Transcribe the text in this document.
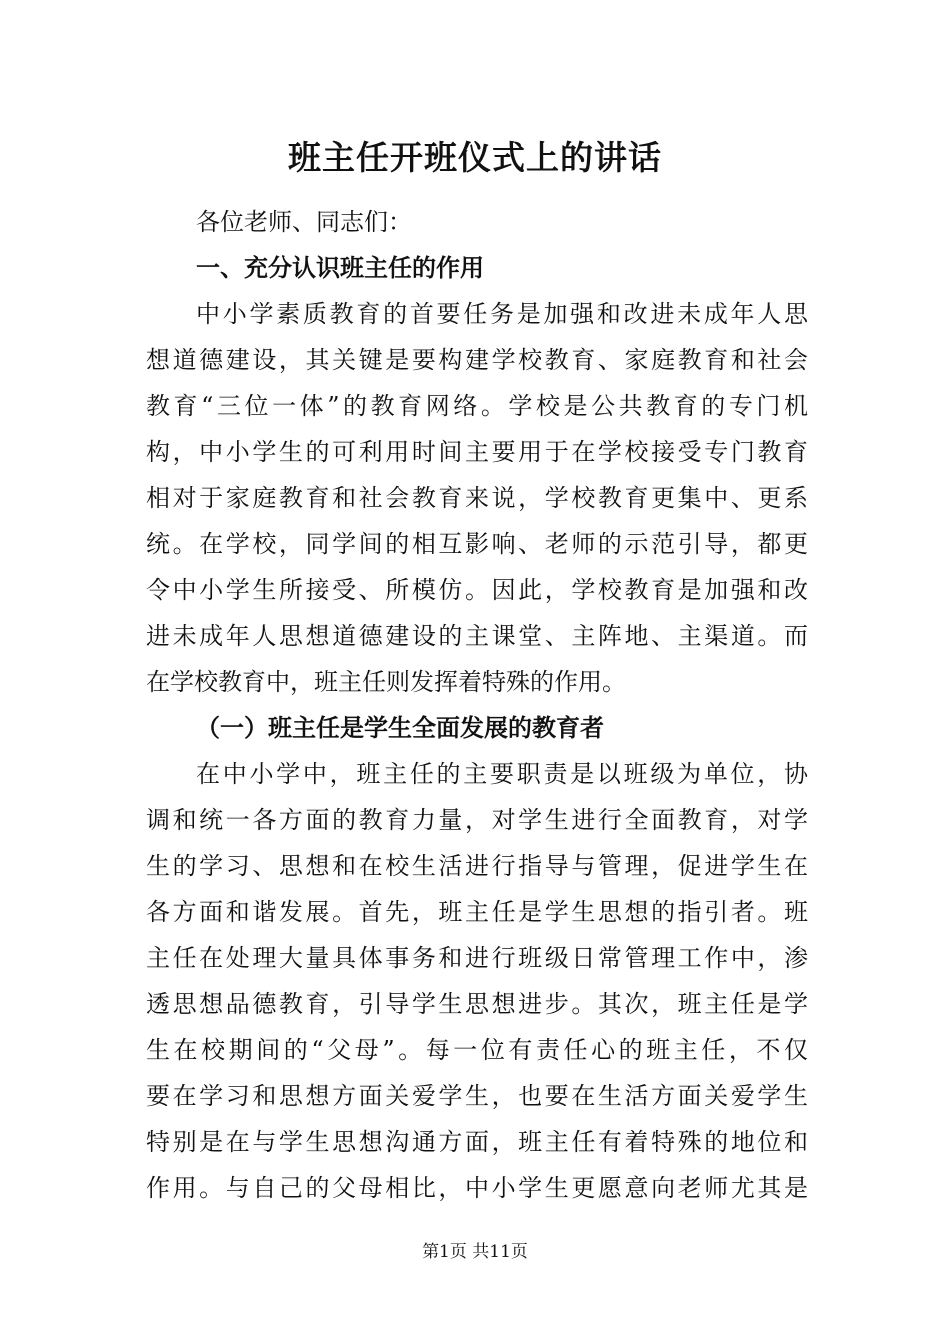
班主任开班仪式上的讲话
各位老师、同志们：
一、充分认识班主任的作用
中小学素质教育的首要任务是加强和改进未成年人思
想道德建设，其关键是要构建学校教育、家庭教育和社会
教育“三位一体”的教育网络。学校是公共教育的专门机
构，中小学生的可利用时间主要用于在学校接受专门教育
相对于家庭教育和社会教育来说，学校教育更集中、更系
统。在学校，同学间的相互影响、老师的示范引导，都更
令中小学生所接受、所模仿。因此，学校教育是加强和改
进未成年人思想道德建设的主课堂、主阵地、主渠道。而
在学校教育中，班主任则发挥着特殊的作用。
（一）班主任是学生全面发展的教育者
在中小学中，班主任的主要职责是以班级为单位，协
调和统一各方面的教育力量，对学生进行全面教育，对学
生的学习、思想和在校生活进行指导与管理，促进学生在
各方面和谐发展。首先，班主任是学生思想的指引者。班
主任在处理大量具体事务和进行班级日常管理工作中，渗
透思想品德教育，引导学生思想进步。其次，班主任是学
生在校期间的“父母”。每一位有责任心的班主任，不仅
要在学习和思想方面关爱学生，也要在生活方面关爱学生
特别是在与学生思想沟通方面，班主任有着特殊的地位和
作用。与自己的父母相比，中小学生更愿意向老师尤其是
第1页 共11页
